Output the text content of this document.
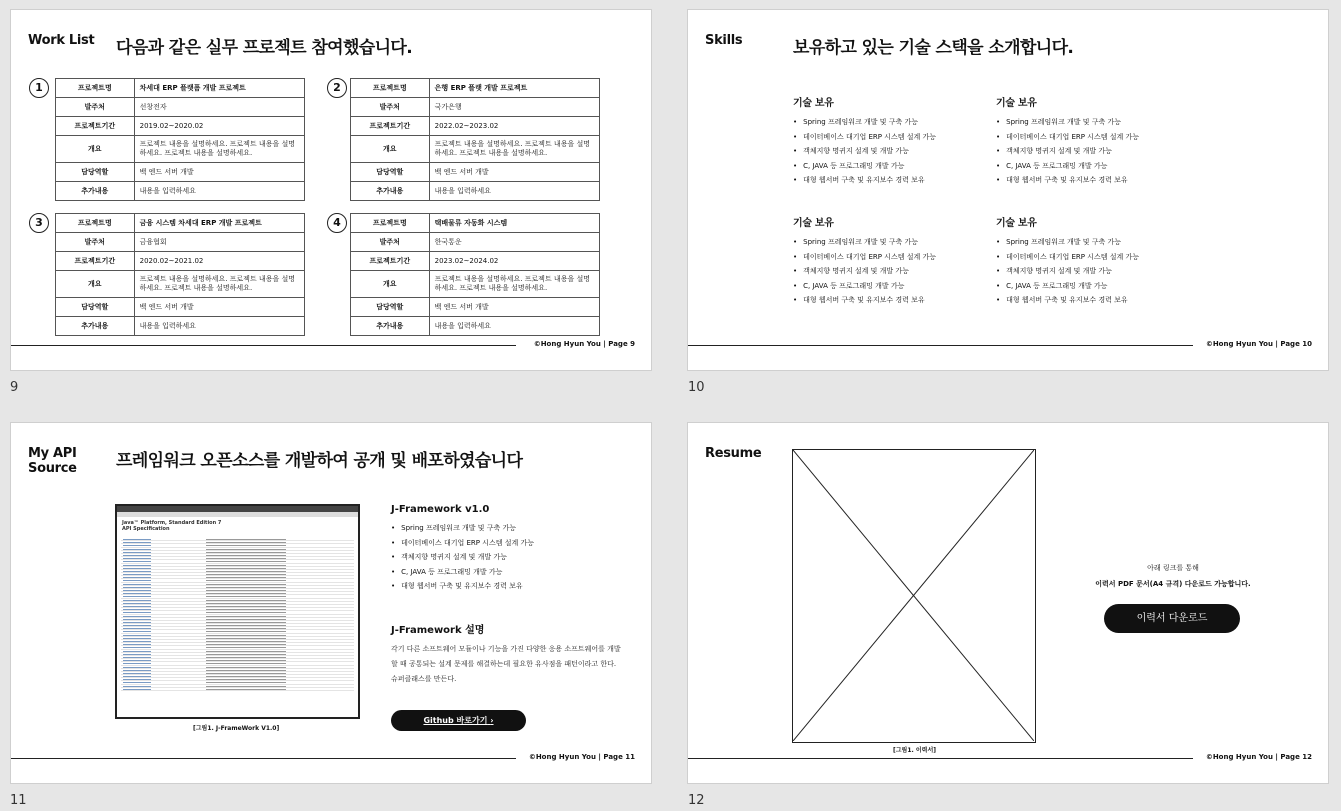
Work List 다음과 같은 실무 프로젝트 참여했습니다.
1	프로젝트명	차세대 ERP 플랫폼 개발 프로젝트
발주처	선창전자
프로젝트기간	2019.02~2020.02
개요	프로젝트 내용을 설명하세요. 프로젝트 내용을 설명하세요. 프로젝트 내용을 설명하세요.
담당역할	백 엔드 서버 개발
추가내용	내용을 입력하세요
2	프로젝트명	은행 ERP 플랫 개발 프로젝트
발주처	국가은행
프로젝트기간	2022.02~2023.02
개요	프로젝트 내용을 설명하세요. 프로젝트 내용을 설명하세요. 프로젝트 내용을 설명하세요.
담당역할	백 엔드 서버 개발
추가내용	내용을 입력하세요
3	프로젝트명	금융 시스템 차세대 ERP 개발 프로젝트
발주처	금융협회
프로젝트기간	2020.02~2021.02
개요	프로젝트 내용을 설명하세요. 프로젝트 내용을 설명하세요. 프로젝트 내용을 설명하세요.
담당역할	백 엔드 서버 개발
추가내용	내용을 입력하세요
4	프로젝트명	택배물류 자동화 시스템
발주처	한국통운
프로젝트기간	2023.02~2024.02
개요	프로젝트 내용을 설명하세요. 프로젝트 내용을 설명하세요. 프로젝트 내용을 설명하세요.
담당역할	백 엔드 서버 개발
추가내용	내용을 입력하세요
©Hong Hyun You | Page 9
9
Skills	보유하고 있는 기술 스택을 소개합니다.
기술 보유
• Spring 프레임워크 개발 및 구축 가능
• 데이터베이스 대기업 ERP 시스템 설계 가능
• 객체지향 명귀지 설계 및 개발 가능
• C, JAVA 등 프로그래밍 개발 가능
• 대형 웹서버 구축 및 유지보수 경력 보유
기술 보유
• Spring 프레임워크 개발 및 구축 가능
• 데이터베이스 대기업 ERP 시스템 설계 가능
• 객체지향 명귀지 설계 및 개발 가능
• C, JAVA 등 프로그래밍 개발 가능
• 대형 웹서버 구축 및 유지보수 경력 보유
기술 보유
• Spring 프레임워크 개발 및 구축 가능
• 데이터베이스 대기업 ERP 시스템 설계 가능
• 객체지향 명귀지 설계 및 개발 가능
• C, JAVA 등 프로그래밍 개발 가능
• 대형 웹서버 구축 및 유지보수 경력 보유
기술 보유
• Spring 프레임워크 개발 및 구축 가능
• 데이터베이스 대기업 ERP 시스템 설계 가능
• 객체지향 명귀지 설계 및 개발 가능
• C, JAVA 등 프로그래밍 개발 가능
• 대형 웹서버 구축 및 유지보수 경력 보유
©Hong Hyun You | Page 10
10
My API
Source 프레임워크 오픈소스를 개발하여 공개 및 배포하였습니다
Java™ Platform, Standard Edition 7
API Specification
[그림1. J-FrameWork V1.0]
J-Framework v1.0
• Spring 프레임워크 개발 및 구축 가능
• 데이터베이스 대기업 ERP 시스템 설계 가능
• 객체지향 명귀지 설계 및 개발 가능
• C, JAVA 등 프로그래밍 개발 가능
• 대형 웹서버 구축 및 유지보수 경력 보유
J-Framework 설명

각기 다른 소프트웨어 모듈이나 기능을 가진 다양한 응용 소프트웨어를 개발 할 때 공통되는 설계 문제를 해결하는데 필요한 유사점을 패턴이라고 한다. 슈퍼클래스를 만든다.

Github 바로가기 ›
©Hong Hyun You | Page 11
11
Resume
[그림1. 이력서]
아래 링크를 통해
이력서 PDF 문서(A4 규격) 다운로드 가능합니다.
이력서 다운로드
©Hong Hyun You | Page 12
12
